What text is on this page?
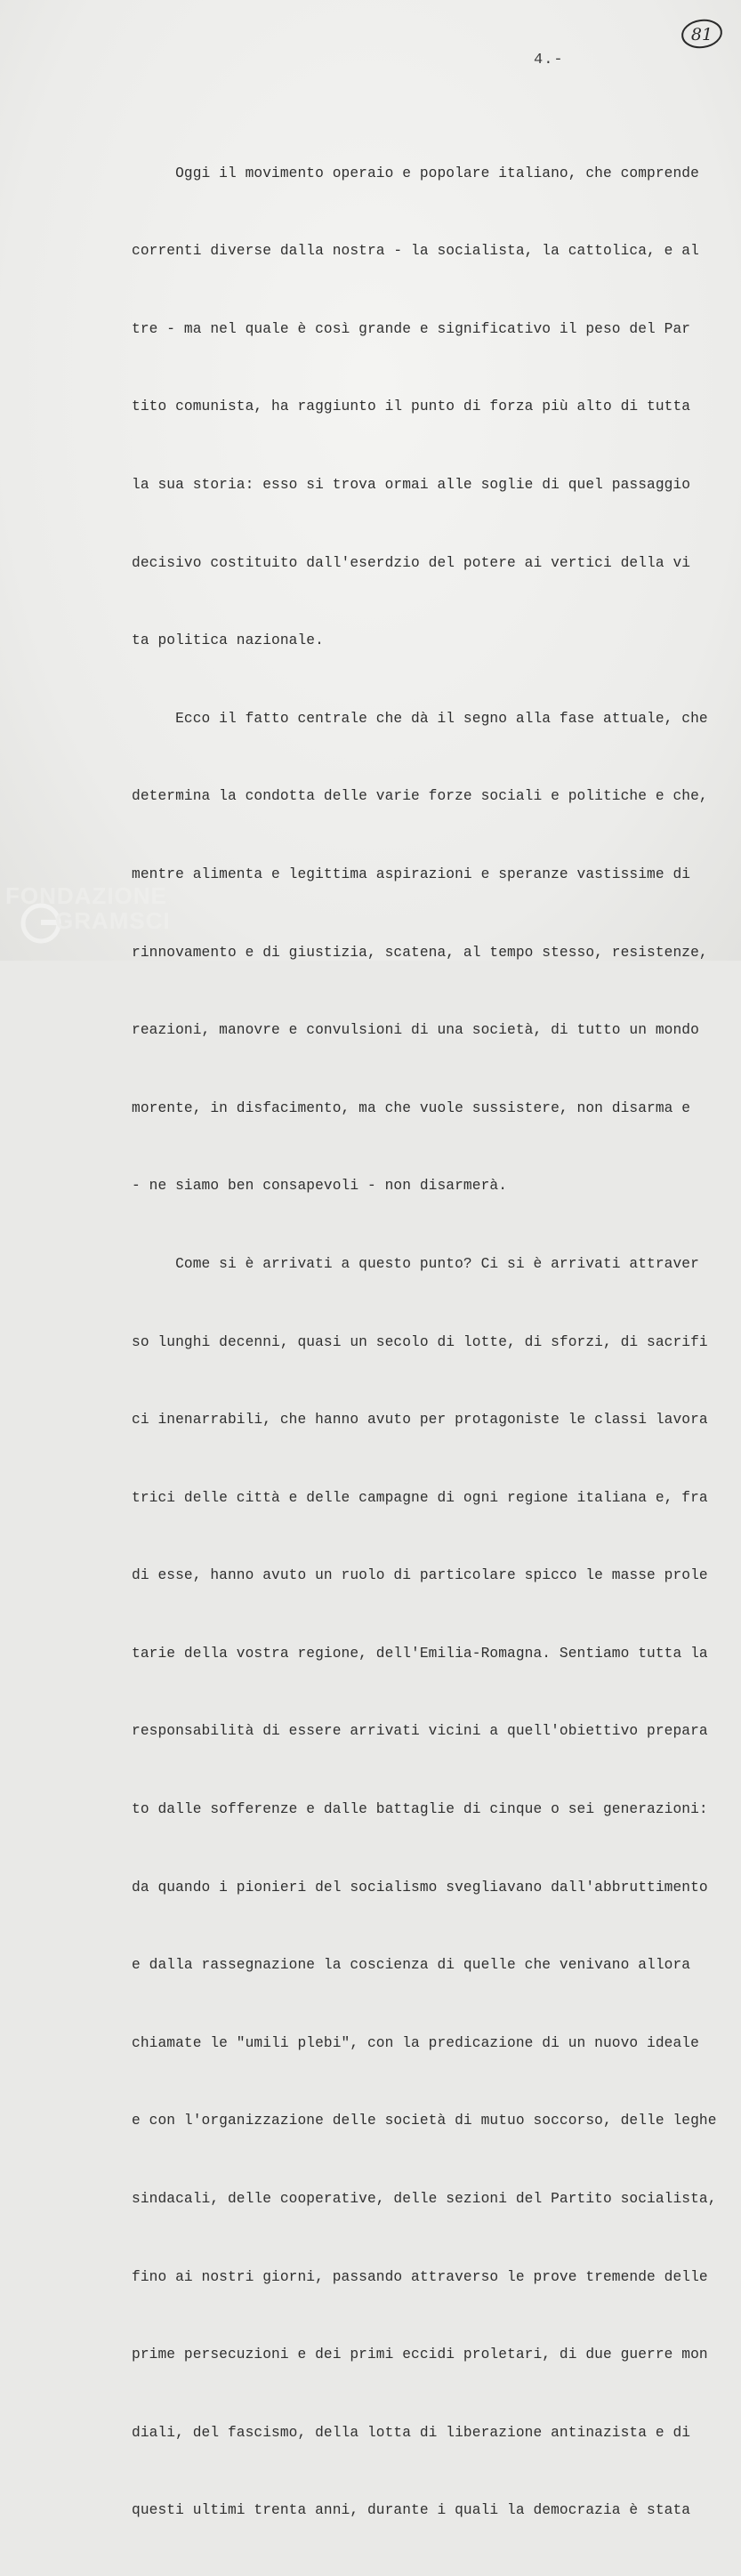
81
4.-

Oggi il movimento operaio e popolare italiano, che comprende

correnti diverse dalla nostra - la socialista, la cattolica, e al

tre - ma nel quale è così grande e significativo il peso del Par

tito comunista, ha raggiunto il punto di forza più alto di tutta

la sua storia: esso si trova ormai alle soglie di quel passaggio

decisivo costituito dall'eserdzio del potere ai vertici della vi

ta politica nazionale.

Ecco il fatto centrale che dà il segno alla fase attuale, che

determina la condotta delle varie forze sociali e politiche e che,

mentre alimenta e legittima aspirazioni e speranze vastissime di

rinnovamento e di giustizia, scatena, al tempo stesso, resistenze,

reazioni, manovre e convulsioni di una società, di tutto un mondo

morente, in disfacimento, ma che vuole sussistere, non disarma e

- ne siamo ben consapevoli - non disarmerà.

Come si è arrivati a questo punto? Ci si è arrivati attraver

so lunghi decenni, quasi un secolo di lotte, di sforzi, di sacrifi

ci inenarrabili, che hanno avuto per protagoniste le classi lavora

trici delle città e delle campagne di ogni regione italiana e, fra

di esse, hanno avuto un ruolo di particolare spicco le masse prole

tarie della vostra regione, dell'Emilia-Romagna. Sentiamo tutta la

responsabilità di essere arrivati vicini a quell'obiettivo prepara

to dalle sofferenze e dalle battaglie di cinque o sei generazioni:

da quando i pionieri del socialismo svegliavano dall'abbruttimento

e dalla rassegnazione la coscienza di quelle che venivano allora

chiamate le "umili plebi", con la predicazione di un nuovo ideale

e con l'organizzazione delle società di mutuo soccorso, delle leghe

sindacali, delle cooperative, delle sezioni del Partito socialista,

fino ai nostri giorni, passando attraverso le prove tremende delle

prime persecuzioni e dei primi eccidi proletari, di due guerre mon

diali, del fascismo, della lotta di liberazione antinazista e di

questi ultimi trenta anni, durante i quali la democrazia è stata

FONDAZIONE
GRAMSCI
